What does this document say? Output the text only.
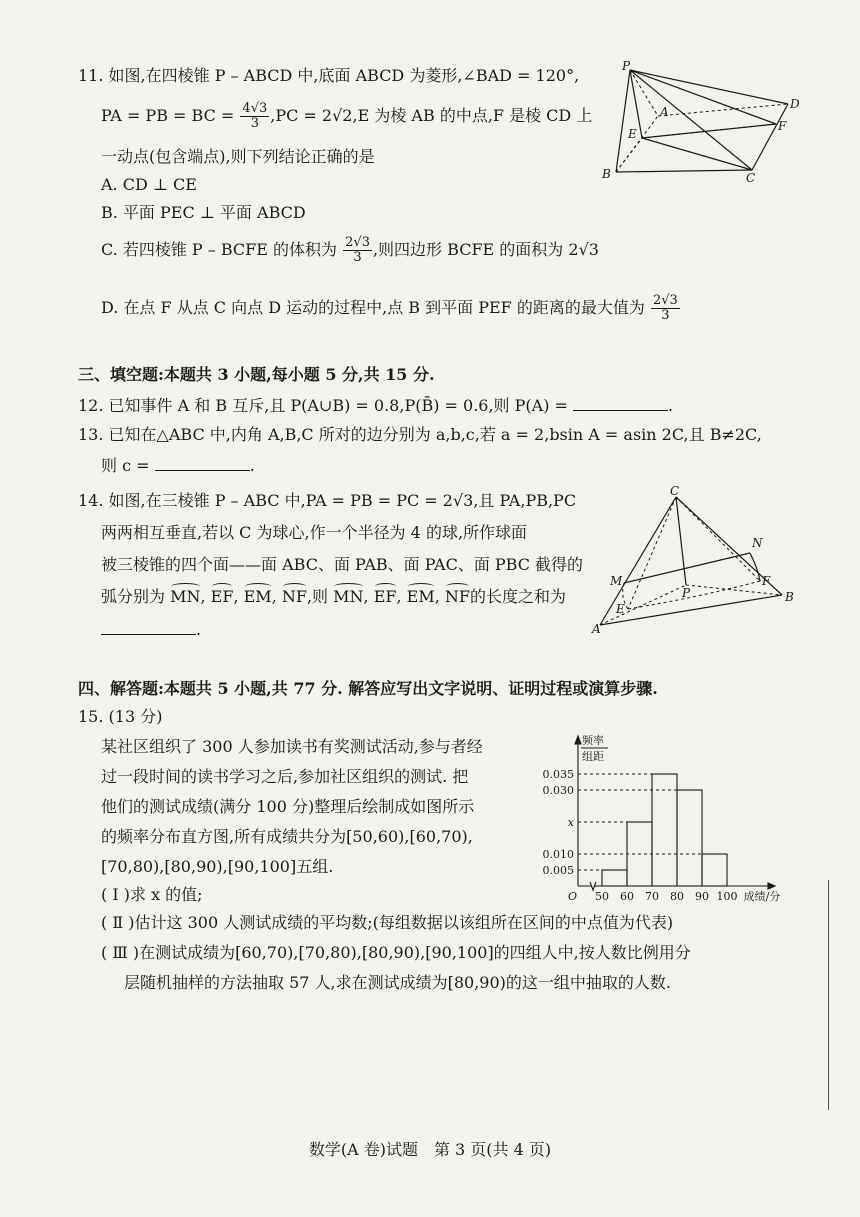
11. 如图,在四棱锥 P – ABCD 中,底面 ABCD 为菱形,∠BAD = 120°,
PA = PB = BC = $\frac{4√3}{3} ,PC = 2√2,E$ 为棱 AB 的中点,F 是棱 CD 上
一动点(包含端点),则下列结论正确的是
A. CD ⊥ CE
B. 平面 PEC ⊥ 平面 ABCD
C. 若四棱锥 P – BCFE 的体积为 $\frac{2√3}{3}$ ,则四边形 BCFE 的面积为 2√3
D. 在点 F 从点 C 向点 D 运动的过程中,点 B 到平面 PEF 的距离的最大值为 $\frac{2√3}{3}$
P
A
B	C
D
E
F
三、填空题:本题共 3 小题,每小题 5 分,共 15 分.
12. 已知事件 A 和 B 互斥,且 P(A∪B) = 0.8,P(B̄) = 0.6,则 P(A) =	.
13. 已知在△ABC 中,内角 A,B,C 所对的边分别为 a,b,c,若 a = 2,bsin A = asin 2C,且 B≠2C,
则 c =	.
14. 如图,在三棱锥 P – ABC 中,PA = PB = PC = 2√3,且 PA,PB,PC
两两相互垂直,若以 C 为球心,作一个半径为 4 的球,所作球面
被三棱锥的四个面——面 ABC、面 PAB、面 PAC、面 PBC 截得的
弧分别为 MN, EF, EM, NF,则 MN, EF, EM, NF的长度之和为
.
C
N
M	F
P
E
B
A
四、解答题:本题共 5 小题,共 77 分. 解答应写出文字说明、证明过程或演算步骤.
15. (13 分)
某社区组织了 300 人参加读书有奖测试活动,参与者经
过一段时间的读书学习之后,参加社区组织的测试. 把
他们的测试成绩(满分 100 分)整理后绘制成如图所示
的频率分布直方图,所有成绩共分为[50,60),[60,70),
[70,80),[80,90),[90,100]五组.
( Ⅰ )求 x 的值;
( Ⅱ )估计这 300 人测试成绩的平均数;(每组数据以该组所在区间的中点值为代表)
( Ⅲ )在测试成绩为[60,70),[70,80),[80,90),[90,100]的四组人中,按人数比例用分
层随机抽样的方法抽取 57 人,求在测试成绩为[80,90)的这一组中抽取的人数.
频率
组距
0.035
0.030
x
0.010
0.005
50 60 70 80 90 100
O	成绩/分
数学(A 卷)试题　第 3 页(共 4 页)
